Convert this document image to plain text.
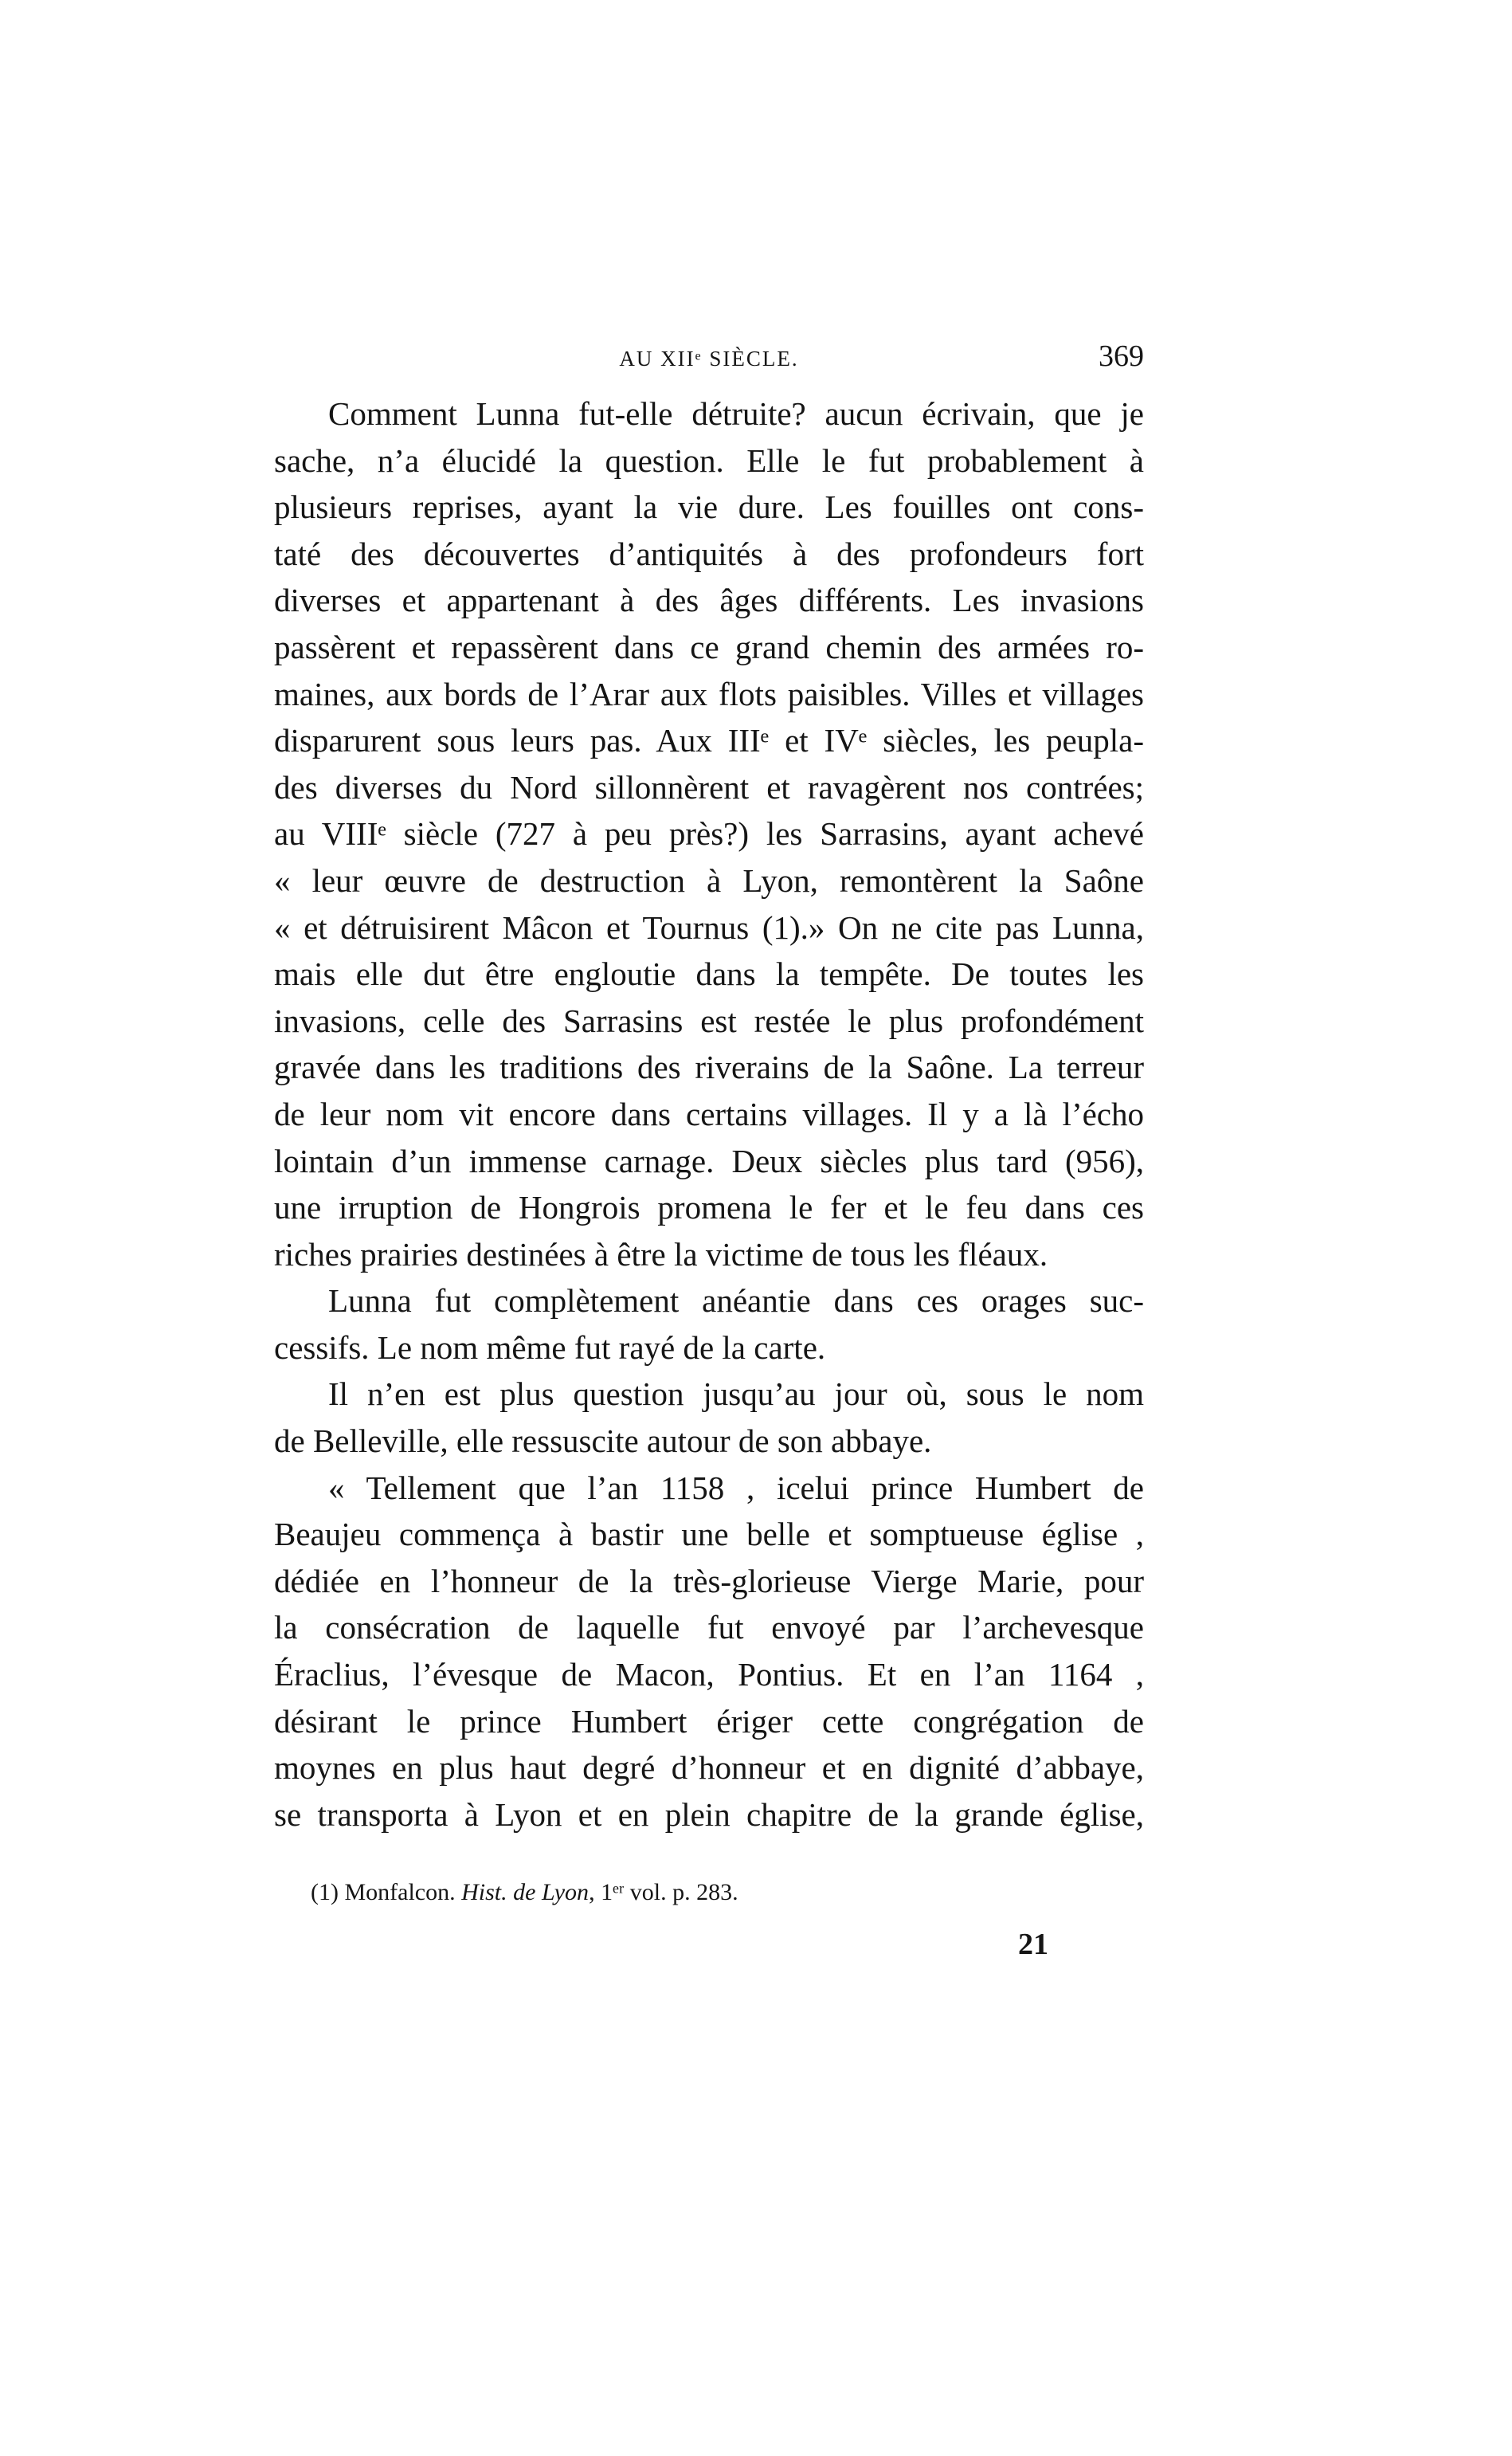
AU XIIᵉ SIÈCLE.	369
Comment Lunna fut-elle détruite? aucun écrivain, que je
sache, n’a élucidé la question. Elle le fut probablement à
plusieurs reprises, ayant la vie dure. Les fouilles ont cons-
taté des découvertes d’antiquités à des profondeurs fort
diverses et appartenant à des âges différents. Les invasions
passèrent et repassèrent dans ce grand chemin des armées ro-
maines, aux bords de l’Arar aux flots paisibles. Villes et villages
disparurent sous leurs pas. Aux IIIᵉ et IVᵉ siècles, les peupla-
des diverses du Nord sillonnèrent et ravagèrent nos contrées;
au VIIIᵉ siècle (727 à peu près?) les Sarrasins, ayant achevé
« leur œuvre de destruction à Lyon, remontèrent la Saône
« et détruisirent Mâcon et Tournus (1).» On ne cite pas Lunna,
mais elle dut être engloutie dans la tempête. De toutes les
invasions, celle des Sarrasins est restée le plus profondément
gravée dans les traditions des riverains de la Saône. La terreur
de leur nom vit encore dans certains villages. Il y a là l’écho
lointain d’un immense carnage. Deux siècles plus tard (956),
une irruption de Hongrois promena le fer et le feu dans ces
riches prairies destinées à être la victime de tous les fléaux.
Lunna fut complètement anéantie dans ces orages suc-
cessifs. Le nom même fut rayé de la carte.
Il n’en est plus question jusqu’au jour où, sous le nom
de Belleville, elle ressuscite autour de son abbaye.
« Tellement que l’an 1158 , icelui prince Humbert de
Beaujeu commença à bastir une belle et somptueuse église ,
dédiée en l’honneur de la très-glorieuse Vierge Marie, pour
la consécration de laquelle fut envoyé par l’archevesque
Éraclius, l’évesque de Macon, Pontius. Et en l’an 1164 ,
désirant le prince Humbert ériger cette congrégation de
moynes en plus haut degré d’honneur et en dignité d’abbaye,
se transporta à Lyon et en plein chapitre de la grande église,
(1) Monfalcon. Hist. de Lyon, 1ᵉʳ vol. p. 283.
21
